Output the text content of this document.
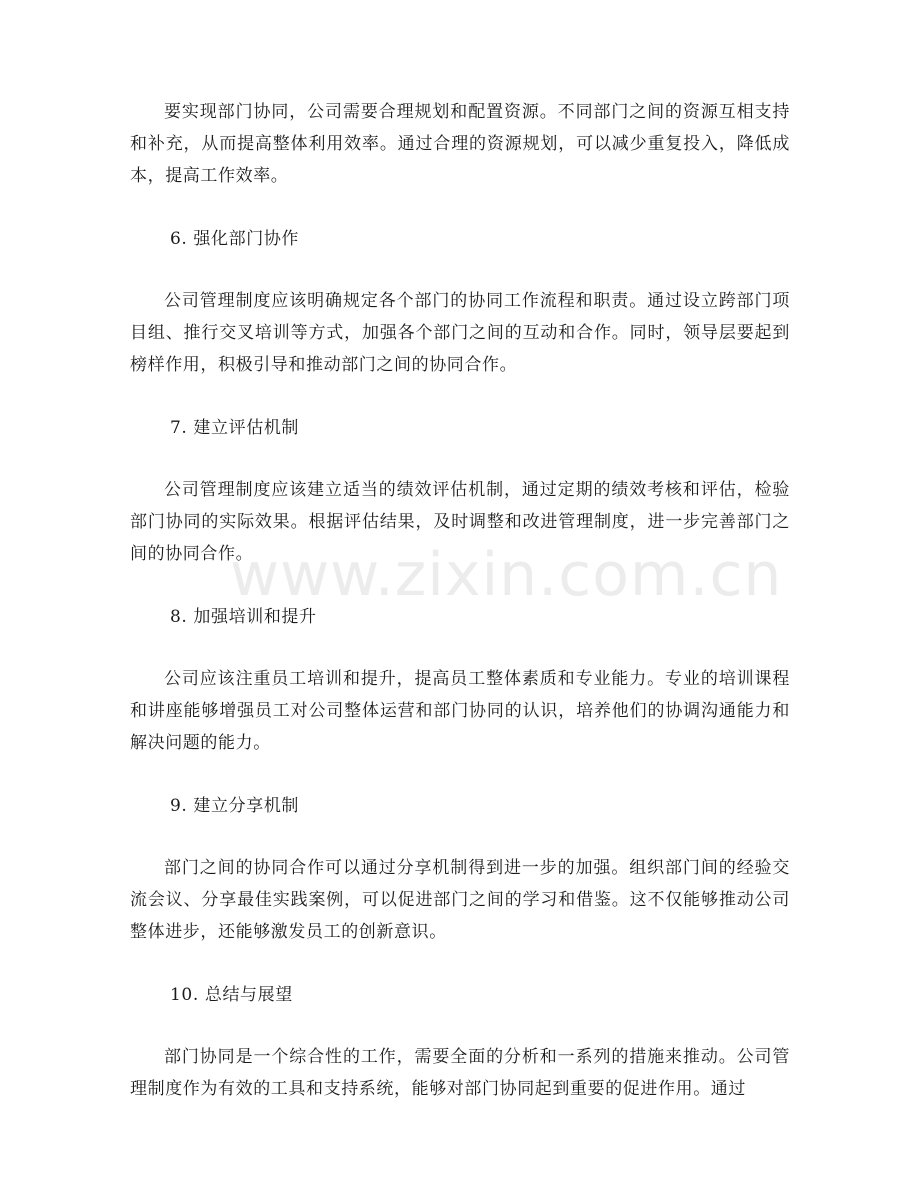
要实现部门协同，公司需要合理规划和配置资源。不同部门之间的资源互相支持和补充，从而提高整体利用效率。通过合理的资源规划，可以减少重复投入，降低成本，提高工作效率。

6. 强化部门协作

公司管理制度应该明确规定各个部门的协同工作流程和职责。通过设立跨部门项目组、推行交叉培训等方式，加强各个部门之间的互动和合作。同时，领导层要起到榜样作用，积极引导和推动部门之间的协同合作。

7. 建立评估机制

公司管理制度应该建立适当的绩效评估机制，通过定期的绩效考核和评估，检验部门协同的实际效果。根据评估结果，及时调整和改进管理制度，进一步完善部门之间的协同合作。

8. 加强培训和提升

公司应该注重员工培训和提升，提高员工整体素质和专业能力。专业的培训课程和讲座能够增强员工对公司整体运营和部门协同的认识，培养他们的协调沟通能力和解决问题的能力。

9. 建立分享机制

部门之间的协同合作可以通过分享机制得到进一步的加强。组织部门间的经验交流会议、分享最佳实践案例，可以促进部门之间的学习和借鉴。这不仅能够推动公司整体进步，还能够激发员工的创新意识。

10. 总结与展望

部门协同是一个综合性的工作，需要全面的分析和一系列的措施来推动。公司管理制度作为有效的工具和支持系统，能够对部门协同起到重要的促进作用。通过

www.zixin.com.cn
